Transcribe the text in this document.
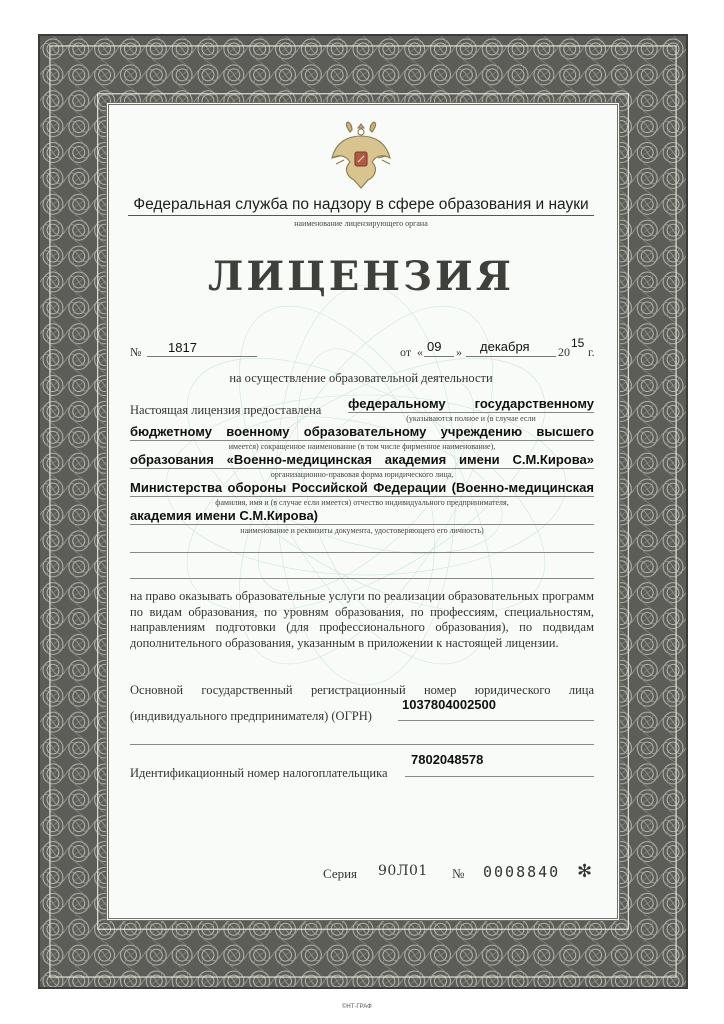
Федеральная служба по надзору в сфере образования и науки
наименование лицензирующего органа
ЛИЦЕНЗИЯ
№ 1817	от « 09 » декабря 20
15
г.
на осуществление образовательной деятельности
Настоящая лицензия предоставлена федеральному государственному
(указываются полное и (в случае если
бюджетному военному образовательному учреждению высшего
имеется) сокращенное наименование (в том числе фирменное наименование),
образования «Военно-медицинская академия имени С.М.Кирова»
организационно-правовая форма юридического лица,
Министерства обороны Российской Федерации (Военно-медицинская
фамилия, имя и (в случае если имеется) отчество индивидуального предпринимателя,
академия имени С.М.Кирова)
наименование и реквизиты документа, удостоверяющего его личность)
на право оказывать образовательные услуги по реализации образовательных программ по видам образования, по уровням образования, по профессиям, специальностям, направлениям подготовки (для профессионального образования), по подвидам дополнительного образования, указанным в приложении к настоящей лицензии.
Основной государственный регистрационный номер юридического лица
(индивидуального предпринимателя) (ОГРН)
1037804002500
Идентификационный номер налогоплательщика
7802048578
Серия 90Л01 № 0008840 ✻
©НТ-ГРАФ
